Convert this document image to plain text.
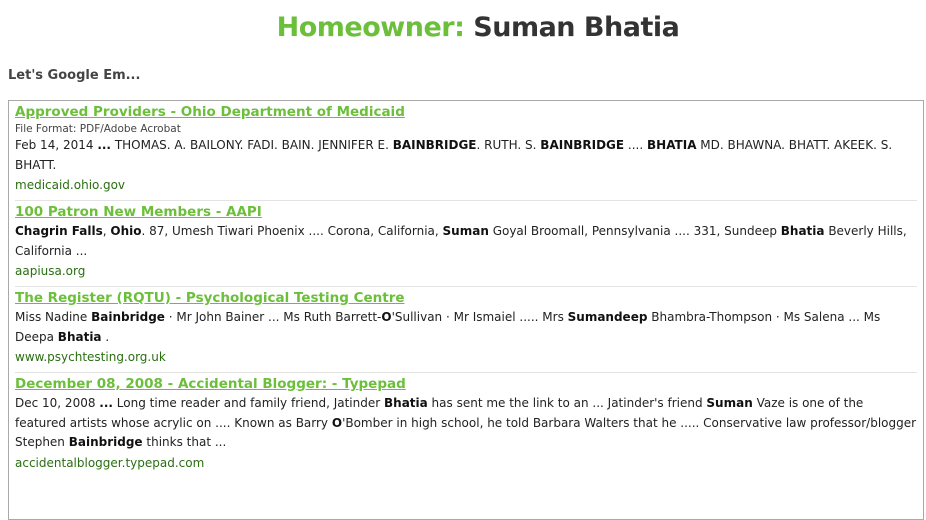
Homeowner: Suman Bhatia
Let's Google Em...
Approved Providers - Ohio Department of Medicaid
File Format: PDF/Adobe Acrobat
Feb 14, 2014 ... THOMAS. A. BAILONY. FADI. BAIN. JENNIFER E. BAINBRIDGE. RUTH. S. BAINBRIDGE .... BHATIA MD. BHAWNA. BHATT. AKEEK. S. BHATT.
medicaid.ohio.gov
100 Patron New Members - AAPI
Chagrin Falls, Ohio. 87, Umesh Tiwari Phoenix .... Corona, California, Suman Goyal Broomall, Pennsylvania .... 331, Sundeep Bhatia Beverly Hills, California ...
aapiusa.org
The Register (RQTU) - Psychological Testing Centre
Miss Nadine Bainbridge · Mr John Bainer ... Ms Ruth Barrett-O'Sullivan · Mr Ismaiel ..... Mrs Sumandeep Bhambra-Thompson · Ms Salena ... Ms Deepa Bhatia .
www.psychtesting.org.uk
December 08, 2008 - Accidental Blogger: - Typepad
Dec 10, 2008 ... Long time reader and family friend, Jatinder Bhatia has sent me the link to an ... Jatinder's friend Suman Vaze is one of the featured artists whose acrylic on .... Known as Barry O'Bomber in high school, he told Barbara Walters that he ..... Conservative law professor/blogger Stephen Bainbridge thinks that ...
accidentalblogger.typepad.com
